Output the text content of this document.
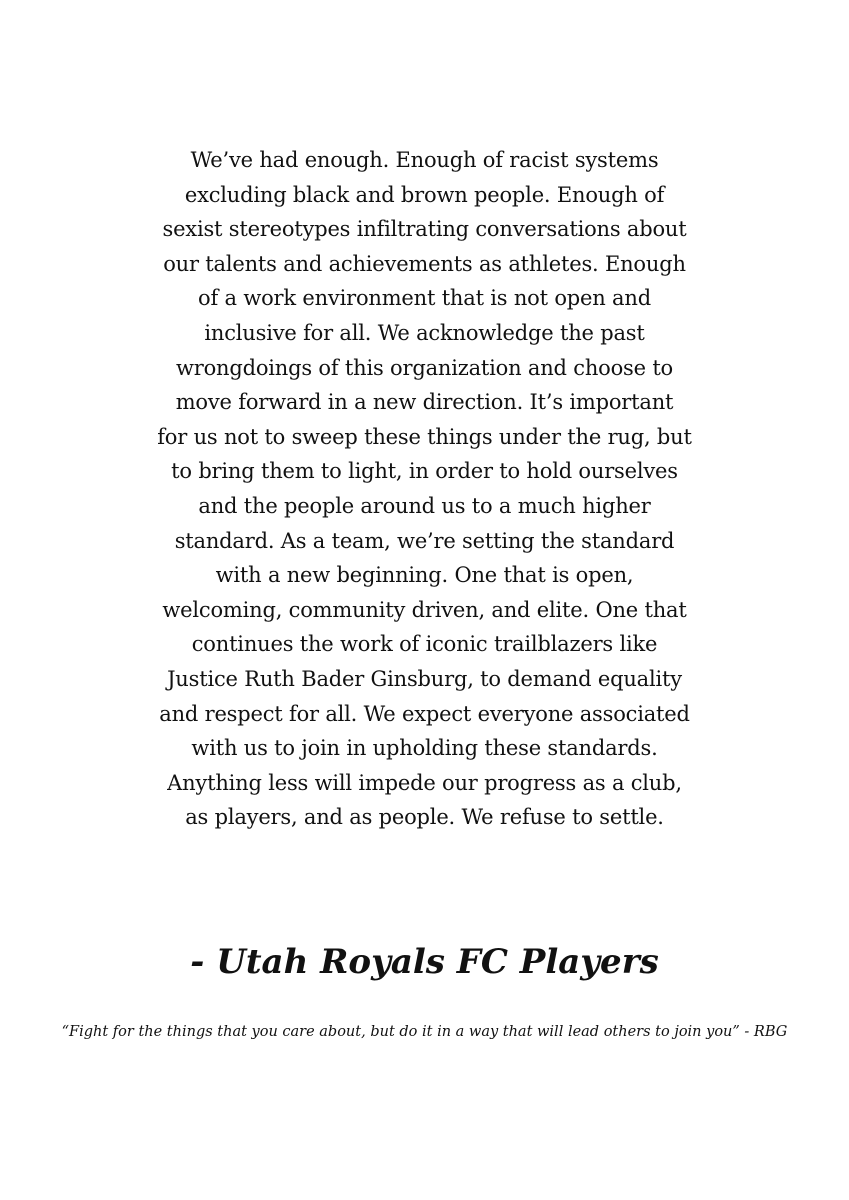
We’ve had enough. Enough of racist systems
excluding black and brown people. Enough of
sexist stereotypes infiltrating conversations about
our talents and achievements as athletes. Enough
of a work environment that is not open and
inclusive for all. We acknowledge the past
wrongdoings of this organization and choose to
move forward in a new direction. It’s important
for us not to sweep these things under the rug, but
to bring them to light, in order to hold ourselves
and the people around us to a much higher
standard. As a team, we’re setting the standard
with a new beginning. One that is open,
welcoming, community driven, and elite. One that
continues the work of iconic trailblazers like
Justice Ruth Bader Ginsburg, to demand equality
and respect for all. We expect everyone associated
with us to join in upholding these standards.
Anything less will impede our progress as a club,
as players, and as people. We refuse to settle.
- Utah Royals FC Players
“Fight for the things that you care about, but do it in a way that will lead others to join you” - RBG
